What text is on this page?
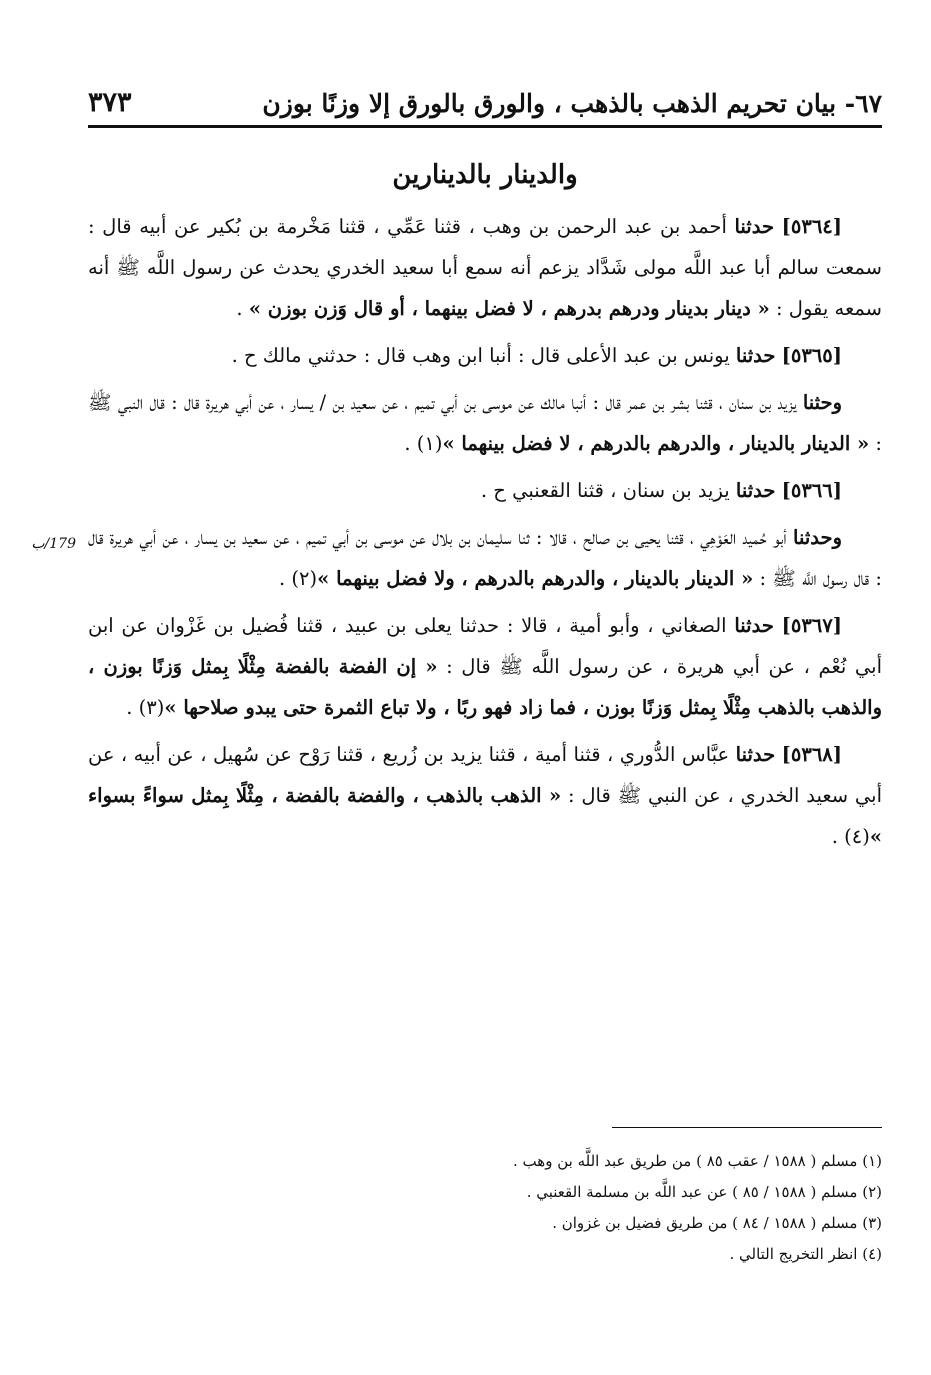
٣٧٣	٦٧- بيان تحريم الذهب بالذهب ، والورق بالورق إلا وزنًا بوزن
والدينار بالدينارين
179/ب

[٥٣٦٤] حدثنا أحمد بن عبد الرحمن بن وهب ، قثنا عَمِّي ، قثنا مَخْرمة بن بُكير عن أبيه قال : سمعت سالم أبا عبد اللَّه مولى شَدَّاد يزعم أنه سمع أبا سعيد الخدري يحدث عن رسول اللَّه ﷺ أنه سمعه يقول : « دينار بدينار ودرهم بدرهم ، لا فضل بينهما ، أو قال وَزن بوزن » .

[٥٣٦٥] حدثنا يونس بن عبد الأعلى قال : أنبا ابن وهب قال : حدثني مالك ح .

وحثنا يزيد بن سنان ، قثنا بشر بن عمر قال : أنبا مالك عن موسى بن أبي تميم ، عن سعيد بن / يسار ، عن أبي هريرة قال : قال النبي ﷺ : « الدينار بالدينار ، والدرهم بالدرهم ، لا فضل بينهما »(١) .

[٥٣٦٦] حدثنا يزيد بن سنان ، قثنا القعنبي ح .

وحدثنا أبو حُميد العَوْهِي ، قثنا يحيى بن صالح ، قالا : ثنا سليمان بن بلال عن موسى بن أبي تميم ، عن سعيد بن يسار ، عن أبي هريرة قال : قال رسول اللَّه ﷺ : « الدينار بالدينار ، والدرهم بالدرهم ، ولا فضل بينهما »(٢) .

[٥٣٦٧] حدثنا الصغاني ، وأبو أمية ، قالا : حدثنا يعلى بن عبيد ، قثنا فُضيل بن غَزْوان عن ابن أبي نُعْم ، عن أبي هريرة ، عن رسول اللَّه ﷺ قال : « إن الفضة بالفضة مِثْلًا بِمثل وَزنًا بوزن ، والذهب بالذهب مِثْلًا بِمثل وَزنًا بوزن ، فما زاد فهو ربًا ، ولا تباع الثمرة حتى يبدو صلاحها »(٣) .

[٥٣٦٨] حدثنا عبَّاس الدُّوري ، قثنا أمية ، قثنا يزيد بن زُريع ، قثنا رَوْح عن سُهيل ، عن أبيه ، عن أبي سعيد الخدري ، عن النبي ﷺ قال : « الذهب بالذهب ، والفضة بالفضة ، مِثْلًا بِمثل سواءً بسواء »(٤) .

(١) مسلم ( ١٥٨٨ / عقب ٨٥ ) من طريق عبد اللَّه بن وهب .
(٢) مسلم ( ١٥٨٨ / ٨٥ ) عن عبد اللَّه بن مسلمة القعنبي .
(٣) مسلم ( ١٥٨٨ / ٨٤ ) من طريق فضيل بن غزوان .
(٤) انظر التخريج التالي .
